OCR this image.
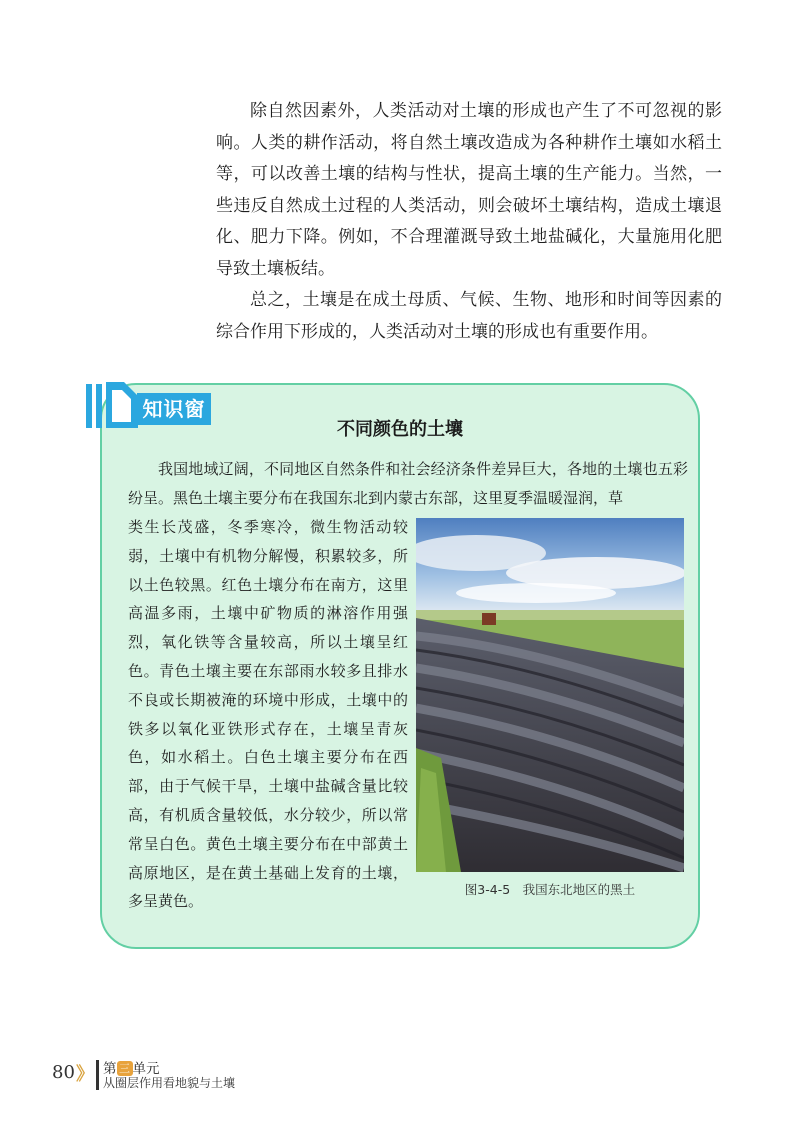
除自然因素外，人类活动对土壤的形成也产生了不可忽视的影响。人类的耕作活动，将自然土壤改造成为各种耕作土壤如水稻土等，可以改善土壤的结构与性状，提高土壤的生产能力。当然，一些违反自然成土过程的人类活动，则会破坏土壤结构，造成土壤退化、肥力下降。例如，不合理灌溉导致土地盐碱化，大量施用化肥导致土壤板结。

总之，土壤是在成土母质、气候、生物、地形和时间等因素的综合作用下形成的，人类活动对土壤的形成也有重要作用。

知识窗
不同颜色的土壤

我国地域辽阔，不同地区自然条件和社会经济条件差异巨大，各地的土壤也五彩纷呈。黑色土壤主要分布在我国东北到内蒙古东部，这里夏季温暖湿润，草

类生长茂盛，冬季寒冷，微生物活动较弱，土壤中有机物分解慢，积累较多，所以土色较黑。红色土壤分布在南方，这里高温多雨，土壤中矿物质的淋溶作用强烈，氧化铁等含量较高，所以土壤呈红色。青色土壤主要在东部雨水较多且排水不良或长期被淹的环境中形成，土壤中的铁多以氧化亚铁形式存在，土壤呈青灰色，如水稻土。白色土壤主要分布在西部，由于气候干旱，土壤中盐碱含量比较高，有机质含量较低，水分较少，所以常常呈白色。黄色土壤主要分布在中部黄土高原地区，是在黄土基础上发育的土壤，多呈黄色。

图3-4-5　我国东北地区的黑土
80 》 第 三 单元
从圈层作用看地貌与土壤
